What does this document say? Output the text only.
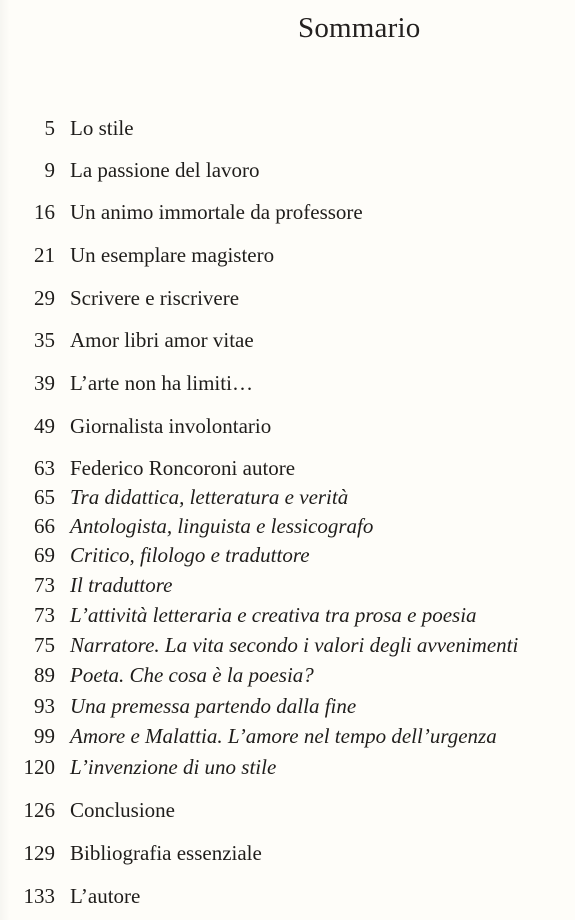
Sommario
5 Lo stile
9 La passione del lavoro
16 Un animo immortale da professore
21 Un esemplare magistero
29 Scrivere e riscrivere
35 Amor libri amor vitae
39 L’arte non ha limiti…
49 Giornalista involontario
63 Federico Roncoroni autore
65 Tra didattica, letteratura e verità
66 Antologista, linguista e lessicografo
69 Critico, filologo e traduttore
73 Il traduttore
73 L’attività letteraria e creativa tra prosa e poesia
75 Narratore. La vita secondo i valori degli avvenimenti
89 Poeta. Che cosa è la poesia?
93 Una premessa partendo dalla fine
99 Amore e Malattia. L’amore nel tempo dell’urgenza
120 L’invenzione di uno stile
126 Conclusione
129 Bibliografia essenziale
133 L’autore
